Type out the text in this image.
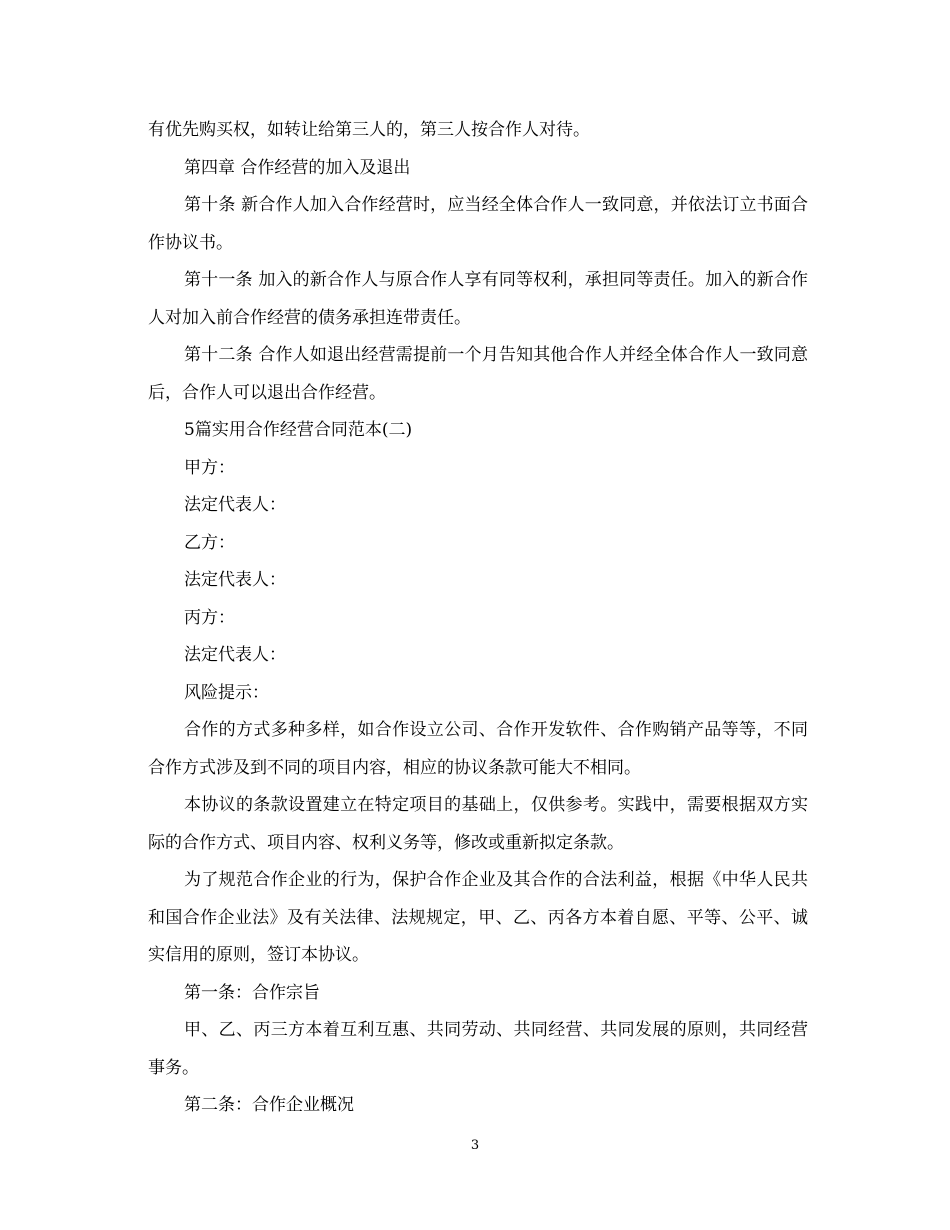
有优先购买权，如转让给第三人的，第三人按合作人对待。

第四章 合作经营的加入及退出

第十条 新合作人加入合作经营时，应当经全体合作人一致同意，并依法订立书面合作协议书。

第十一条 加入的新合作人与原合作人享有同等权利，承担同等责任。加入的新合作人对加入前合作经营的债务承担连带责任。

第十二条 合作人如退出经营需提前一个月告知其他合作人并经全体合作人一致同意后，合作人可以退出合作经营。

5篇实用合作经营合同范本(二)

甲方：

法定代表人：

乙方：

法定代表人：

丙方：

法定代表人：

风险提示：

合作的方式多种多样，如合作设立公司、合作开发软件、合作购销产品等等，不同合作方式涉及到不同的项目内容，相应的协议条款可能大不相同。

本协议的条款设置建立在特定项目的基础上，仅供参考。实践中，需要根据双方实际的合作方式、项目内容、权利义务等，修改或重新拟定条款。

为了规范合作企业的行为，保护合作企业及其合作的合法利益，根据《中华人民共和国合作企业法》及有关法律、法规规定，甲、乙、丙各方本着自愿、平等、公平、诚实信用的原则，签订本协议。

第一条：合作宗旨

甲、乙、丙三方本着互利互惠、共同劳动、共同经营、共同发展的原则，共同经营事务。

第二条：合作企业概况

3
